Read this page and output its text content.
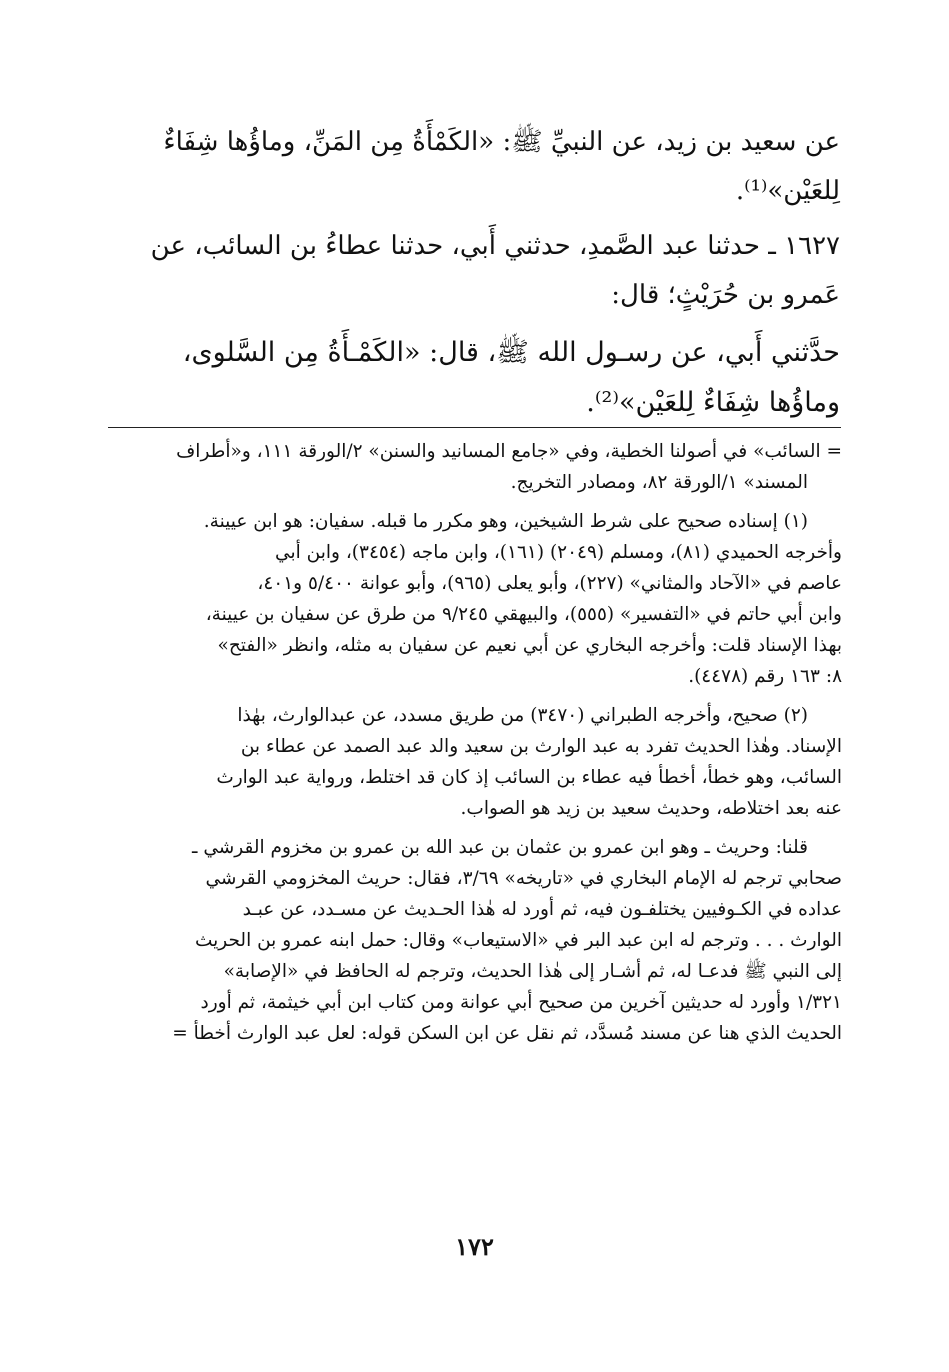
عن سعيد بن زيد، عن النبيِّ ﷺ: «الكَمْأَةُ مِن المَنِّ، وماؤُها شِفَاءٌ

لِلعَيْن»⁽¹⁾.

١٦٢٧ ـ حدثنا عبد الصَّمدِ، حدثني أَبي، حدثنا عطاءُ بن السائب، عن

عَمرو بن حُرَيْثٍ؛ قال:

حدَّثني أَبي، عن رسـول الله ﷺ، قال: «الكَمْـأَةُ مِن السَّلوى،

وماؤُها شِفَاءٌ لِلعَيْن»⁽²⁾.

= السائب» في أصولنا الخطية، وفي «جامع المسانيد والسنن» ٢/الورقة ١١١، و«أطراف

المسند» ١/الورقة ٨٢، ومصادر التخريج.

(١) إسناده صحيح على شرط الشيخين، وهو مكرر ما قبله. سفيان: هو ابن عيينة.

وأخرجه الحميدي (٨١)، ومسلم (٢٠٤٩) (١٦١)، وابن ماجه (٣٤٥٤)، وابن أبي

عاصم في «الآحاد والمثاني» (٢٢٧)، وأبو يعلى (٩٦٥)، وأبو عوانة ٥/٤٠٠ و٤٠١،

وابن أبي حاتم في «التفسير» (٥٥٥)، والبيهقي ٩/٢٤٥ من طرق عن سفيان بن عيينة،

بهذا الإسناد قلت: وأخرجه البخاري عن أبي نعيم عن سفيان به مثله، وانظر «الفتح»

٨: ١٦٣ رقم (٤٤٧٨).

(٢) صحيح، وأخرجه الطبراني (٣٤٧٠) من طريق مسدد، عن عبدالوارث، بهٰذا

الإسناد. وهٰذا الحديث تفرد به عبد الوارث بن سعيد والد عبد الصمد عن عطاء بن

السائب، وهو خطأ، أخطأ فيه عطاء بن السائب إذ كان قد اختلط، ورواية عبد الوارث

عنه بعد اختلاطه، وحديث سعيد بن زيد هو الصواب.

قلنا: وحريث ـ وهو ابن عمرو بن عثمان بن عبد الله بن عمرو بن مخزوم القرشي ـ

صحابي ترجم له الإمام البخاري في «تاريخه» ٣/٦٩، فقال: حريث المخزومي القرشي

عداده في الكـوفيين يختلفـون فيه، ثم أورد له هٰذا الحـديث عن مسـدد، عن عبـد

الوارث . . . وترجم له ابن عبد البر في «الاستيعاب» وقال: حمل ابنه عمرو بن الحريث

إلى النبي ﷺ فدعـا له، ثم أشـار إلى هٰذا الحديث، وترجم له الحافظ في «الإصابة»

١/٣٢١ وأورد له حديثين آخرين من صحيح أبي عوانة ومن كتاب ابن أبي خيثمة، ثم أورد

الحديث الذي هنا عن مسند مُسدَّد، ثم نقل عن ابن السكن قوله: لعل عبد الوارث أخطأ =

١٧٢
